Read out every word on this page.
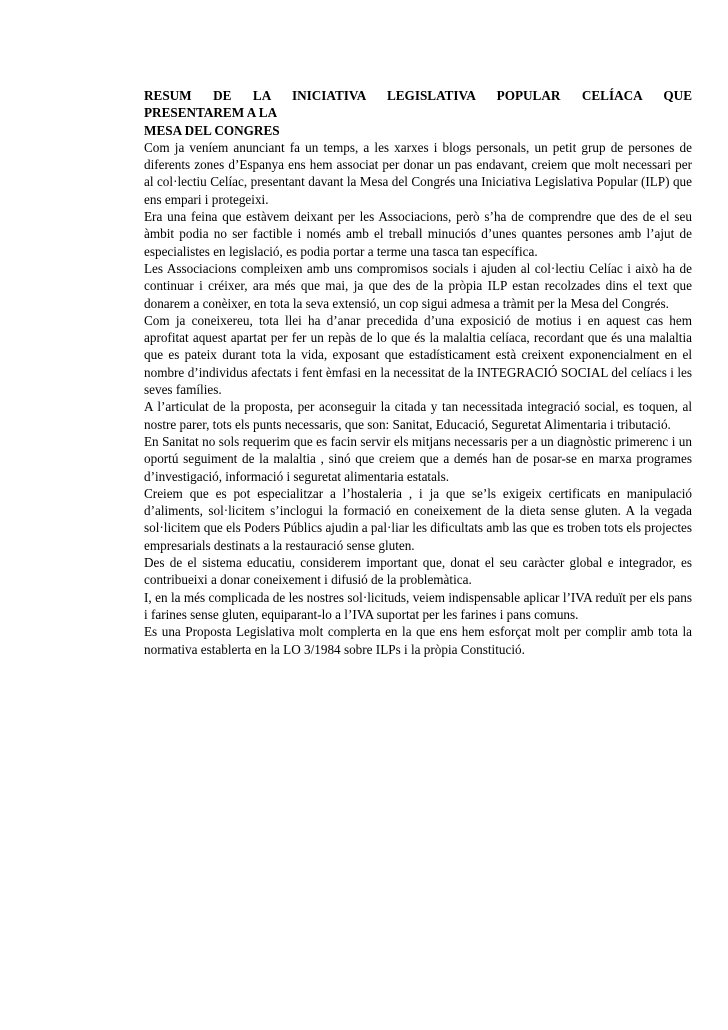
RESUM DE LA INICIATIVA LEGISLATIVA POPULAR CELÍACA QUE
PRESENTAREM A LA
MESA DEL CONGRES

Com ja veníem anunciant fa un temps, a les xarxes i blogs personals, un petit grup de persones de diferents zones d’Espanya ens hem associat per donar un pas endavant, creiem que molt necessari per al col·lectiu Celíac, presentant davant la Mesa del Congrés una Iniciativa Legislativa Popular (ILP) que ens empari i protegeixi.

Era una feina que estàvem deixant per les Associacions, però s’ha de comprendre que des de el seu àmbit podia no ser factible i només amb el treball minuciós d’unes quantes persones amb l’ajut de especialistes en legislació, es podia portar a terme una tasca tan específica.

Les Associacions compleixen amb uns compromisos socials i ajuden al col·lectiu Celíac i això ha de continuar i créixer, ara més que mai, ja que des de la pròpia ILP estan recolzades dins el text que donarem a conèixer, en tota la seva extensió, un cop sigui admesa a tràmit per la Mesa del Congrés.

Com ja coneixereu, tota llei ha d’anar precedida d’una exposició de motius i en aquest cas hem aprofitat aquest apartat per fer un repàs de lo que és la malaltia celíaca, recordant que és una malaltia que es pateix durant tota la vida, exposant que estadísticament està creixent exponencialment en el nombre d’individus afectats i fent èmfasi en la necessitat de la INTEGRACIÓ SOCIAL del celíacs i les seves famílies.

A l’articulat de la proposta, per aconseguir la citada y tan necessitada integració social, es toquen, al nostre parer, tots els punts necessaris, que son: Sanitat, Educació, Seguretat Alimentaria i tributació.

En Sanitat no sols requerim que es facin servir els mitjans necessaris per a un diagnòstic primerenc i un oportú seguiment de la malaltia , sinó que creiem que a demés han de posar-se en marxa programes d’investigació, informació i seguretat alimentaria estatals.

Creiem que es pot especialitzar a l’hostaleria , i ja que se’ls exigeix certificats en manipulació d’aliments, sol·licitem s’inclogui la formació en coneixement de la dieta sense gluten. A la vegada sol·licitem que els Poders Públics ajudin a pal·liar les dificultats amb las que es troben tots els projectes empresarials destinats a la restauració sense gluten.

Des de el sistema educatiu, considerem important que, donat el seu caràcter global e integrador, es contribueixi a donar coneixement i difusió de la problemàtica.

I, en la més complicada de les nostres sol·licituds, veiem indispensable aplicar l’IVA reduït per els pans i farines sense gluten, equiparant-lo a l’IVA suportat per les farines i pans comuns.

Es una Proposta Legislativa molt complerta en la que ens hem esforçat molt per complir amb tota la normativa establerta en la LO 3/1984 sobre ILPs i la pròpia Constitució.
